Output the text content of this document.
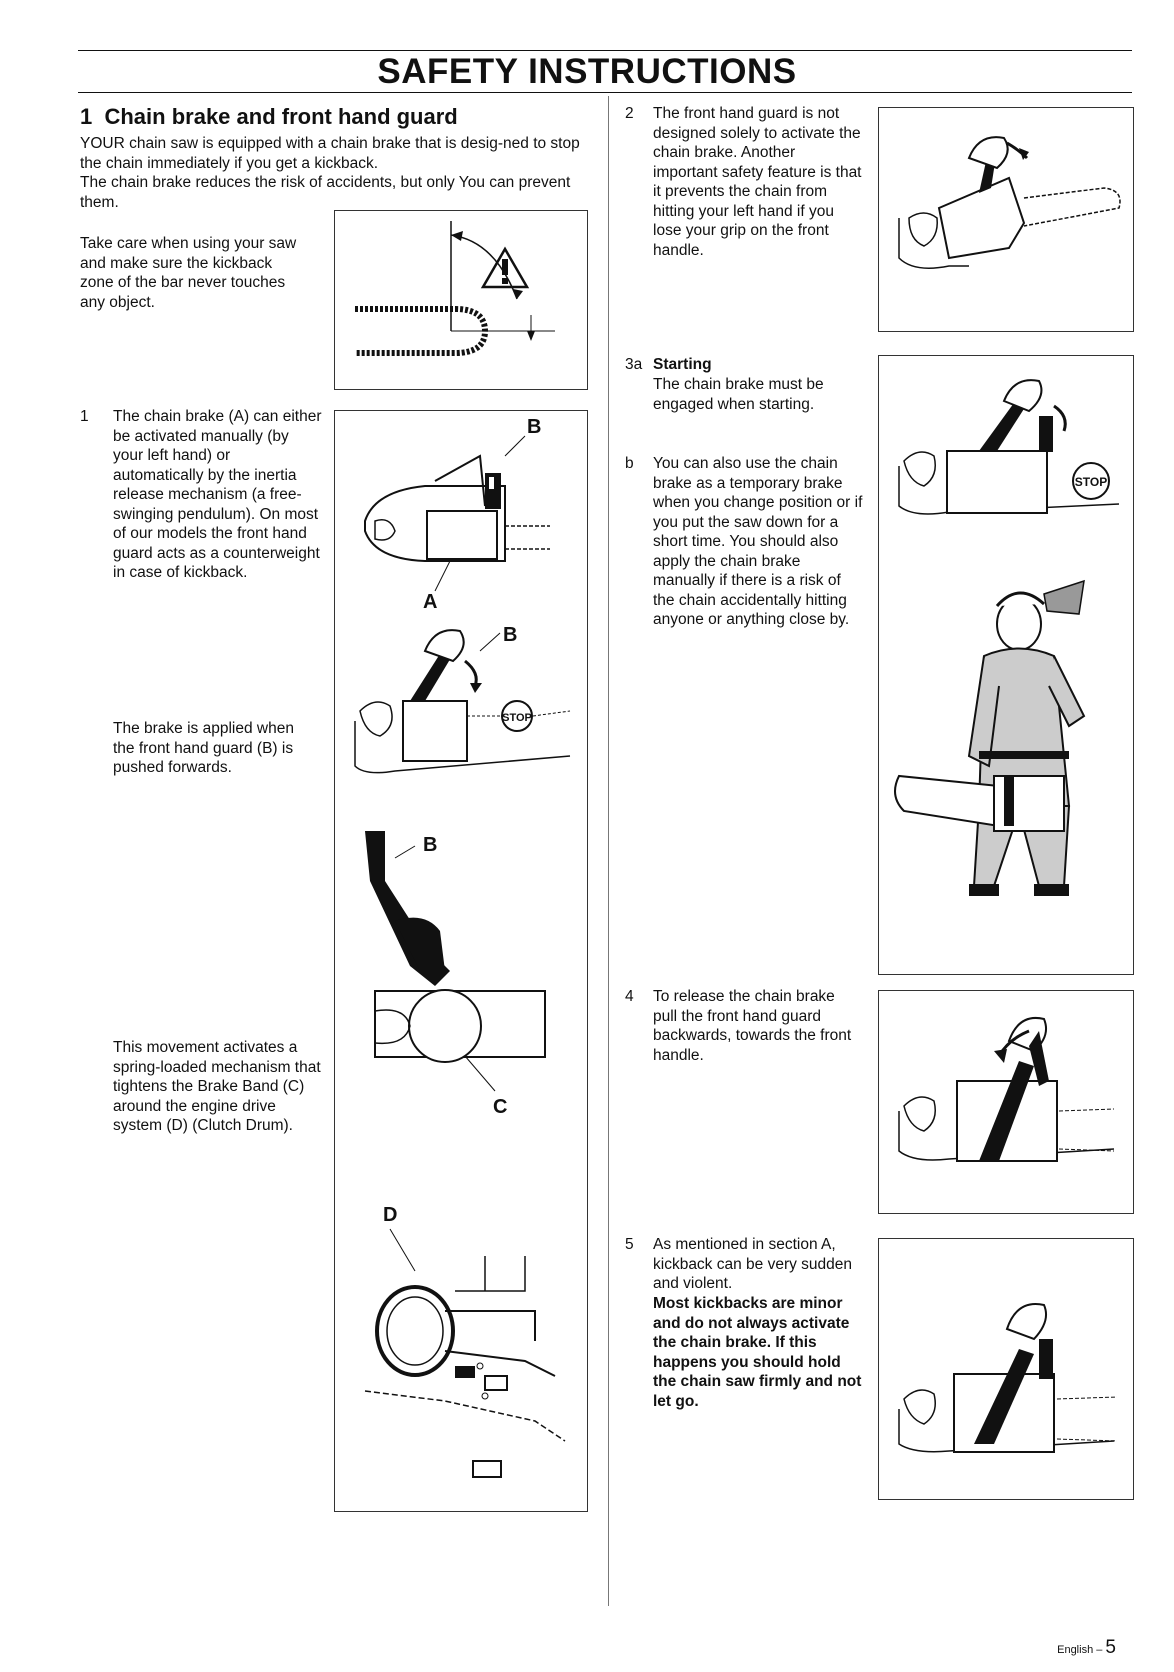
SAFETY INSTRUCTIONS
1 Chain brake and front hand guard
YOUR chain saw is equipped with a chain brake that is desig-ned to stop the chain immediately if you get a kickback.
The chain brake reduces the risk of accidents, but only You can prevent them.
Take care when using your saw and make sure the kickback zone of the bar never touches any object.
1 The chain brake (A) can either be activated manually (by your left hand) or automatically by the inertia release mechanism (a free-swinging pendulum). On most of our models the front hand guard acts as a counterweight in case of kickback.
The brake is applied when the front hand guard (B) is pushed forwards.
This movement activates a spring-loaded mechanism that tightens the Brake Band (C) around the engine drive system (D) (Clutch Drum).
B
A
STOP
B
B
C
D
2 The front hand guard is not designed solely to activate the chain brake. Another important safety feature is that it prevents the chain from hitting your left hand if you lose your grip on the front handle.
3a Starting
The chain brake must be engaged when starting.
b You can also use the chain brake as a temporary brake when you change position or if you put the saw down for a short time. You should also apply the chain brake manually if there is a risk of the chain accidentally hitting anyone or anything close by.
STOP
4 To release the chain brake pull the front hand guard backwards, towards the front handle.
5 As mentioned in section A, kickback can be very sudden and violent.
Most kickbacks are minor and do not always activate the chain brake. If this happens you should hold the chain saw firmly and not let go.
English – 5
